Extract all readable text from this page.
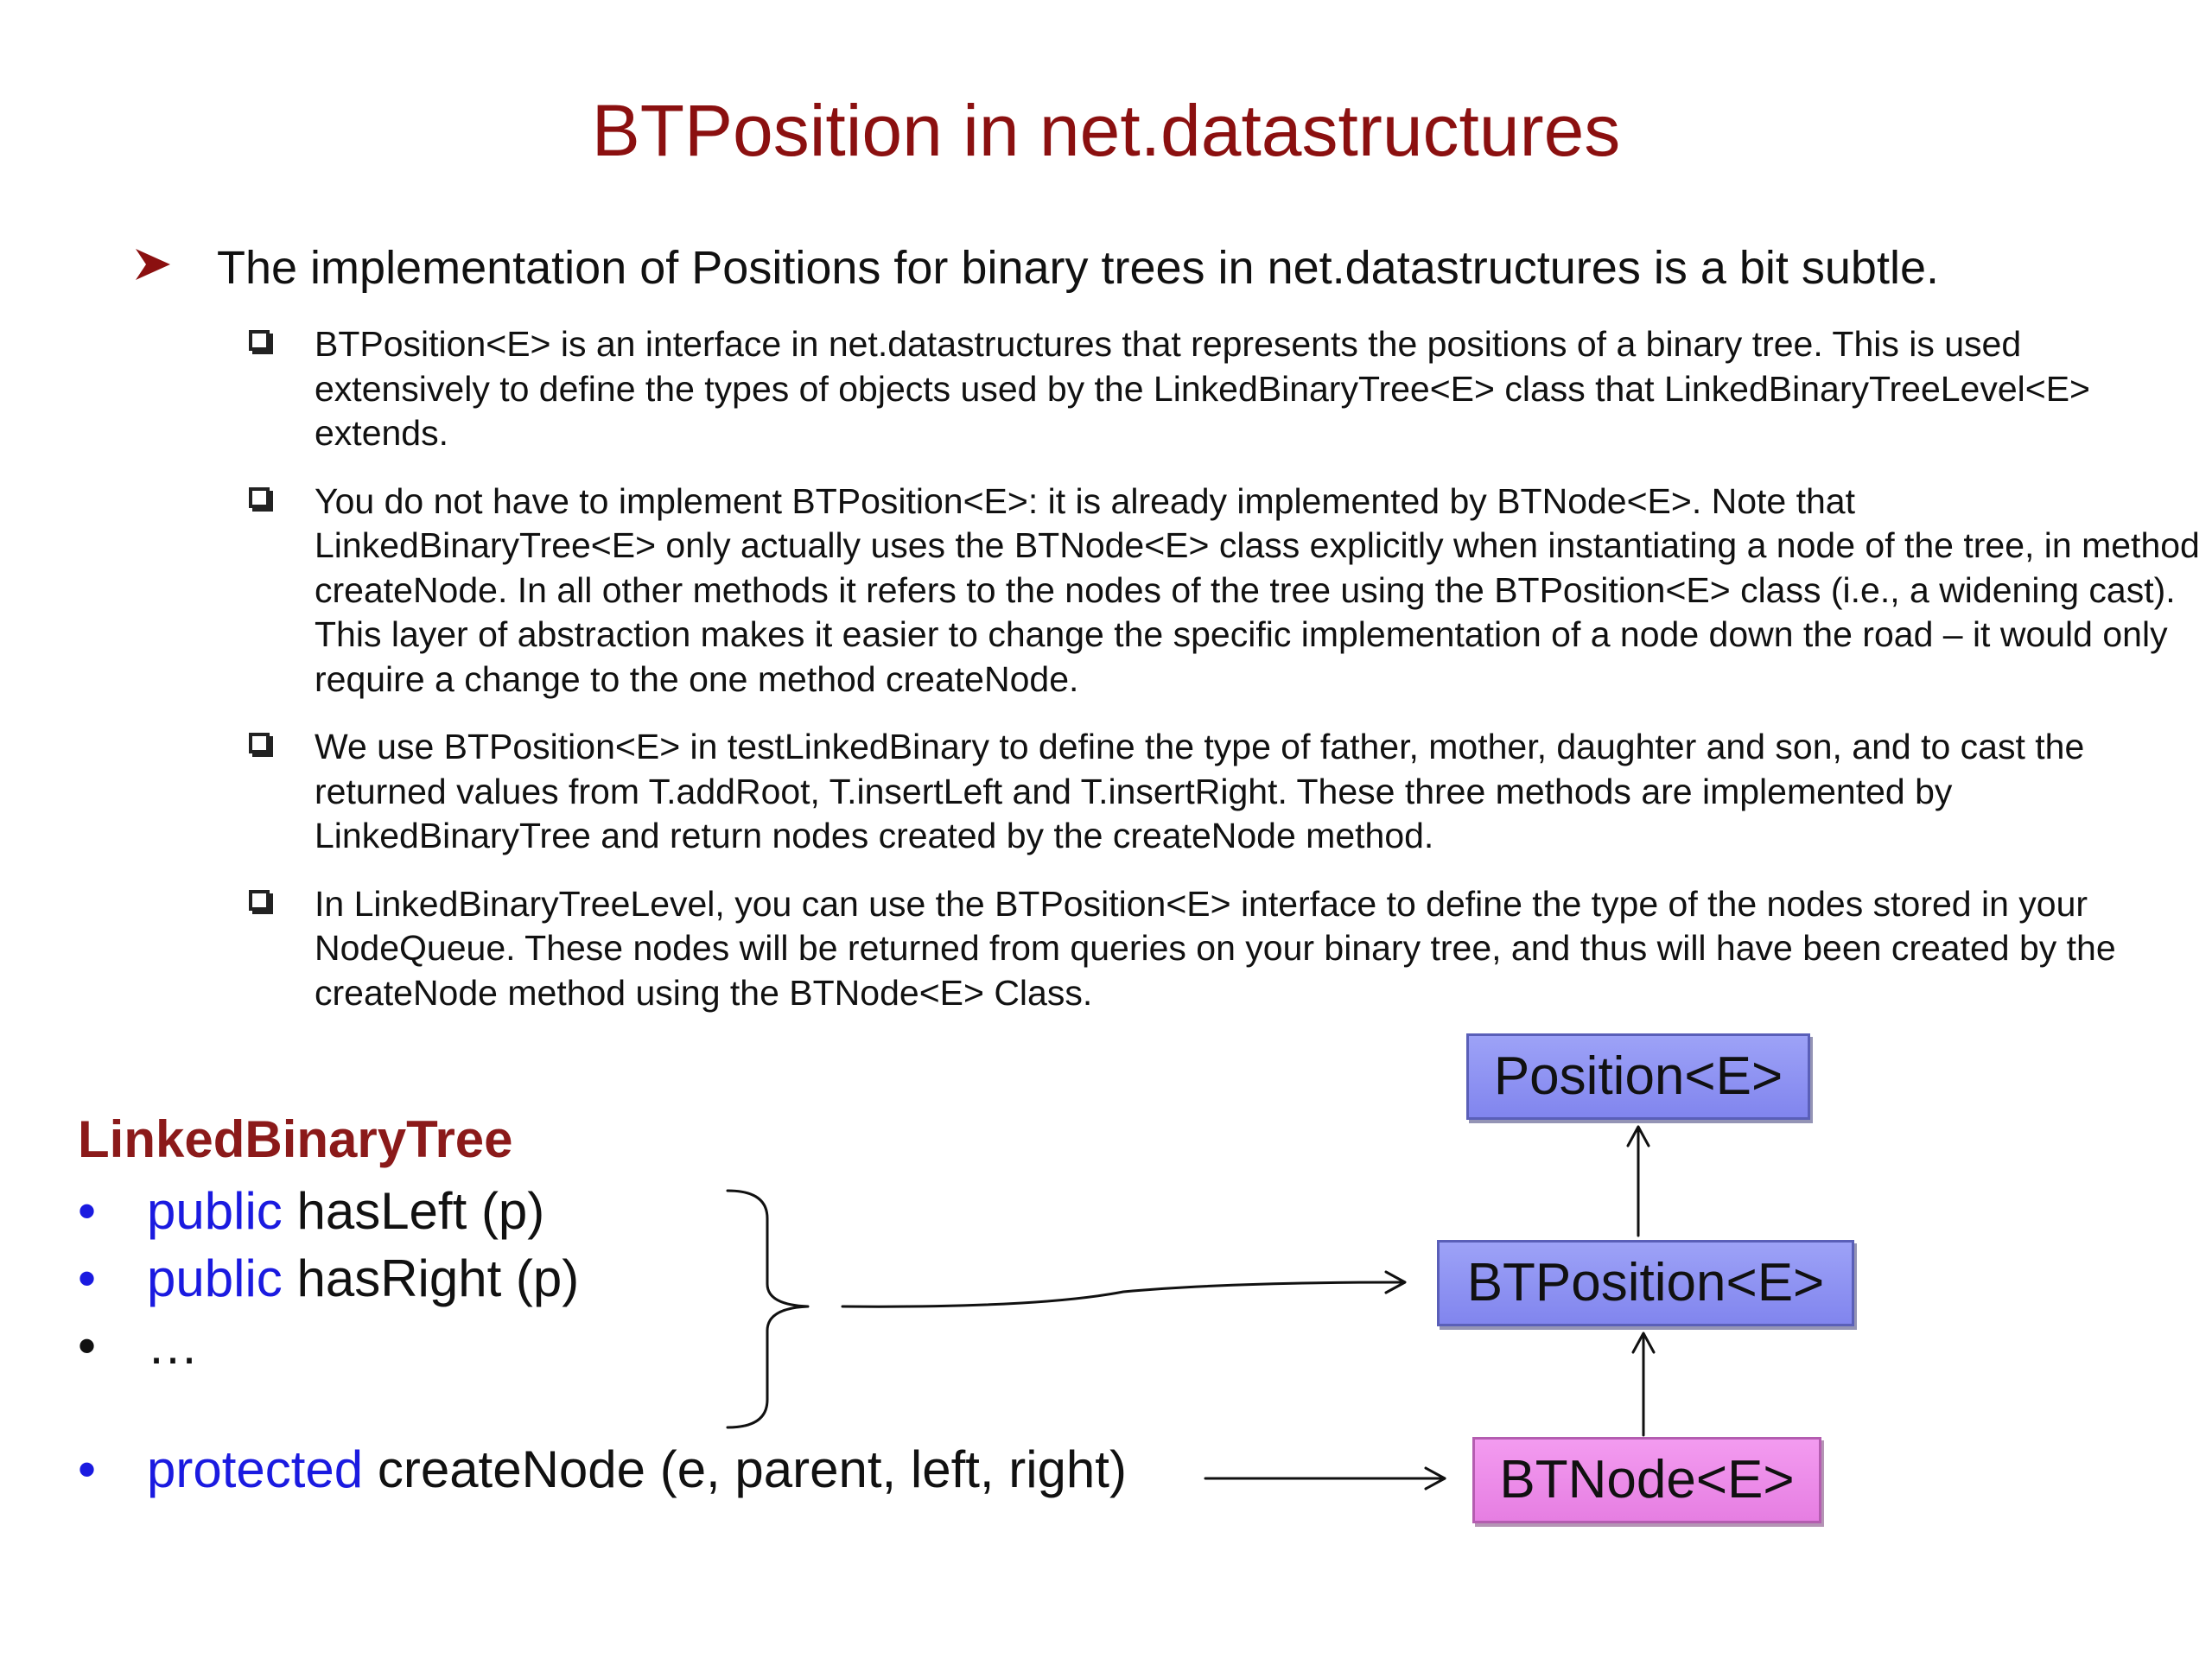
BTPosition in net.datastructures
The implementation of Positions for binary trees in net.datastructures is a bit subtle.
BTPosition<E> is an interface in net.datastructures that represents the positions of a binary tree. This is used extensively to define the types of objects used by the LinkedBinaryTree<E> class that LinkedBinaryTreeLevel<E> extends.
You do not have to implement BTPosition<E>: it is already implemented by BTNode<E>. Note that LinkedBinaryTree<E> only actually uses the BTNode<E> class explicitly when instantiating a node of the tree, in method createNode. In all other methods it refers to the nodes of the tree using the BTPosition<E> class (i.e., a widening cast). This layer of abstraction makes it easier to change the specific implementation of a node down the road – it would only require a change to the one method createNode.
We use BTPosition<E> in testLinkedBinary to define the type of father, mother, daughter and son, and to cast the returned values from T.addRoot, T.insertLeft and T.insertRight. These three methods are implemented by LinkedBinaryTree and return nodes created by the createNode method.
In LinkedBinaryTreeLevel, you can use the BTPosition<E> interface to define the type of the nodes stored in your NodeQueue. These nodes will be returned from queries on your binary tree, and thus will have been created by the createNode method using the BTNode<E> Class.
LinkedBinaryTree
• public hasLeft (p)
• public hasRight (p)
• …
• protected createNode (e, parent, left, right)
Position<E>
BTPosition<E>
BTNode<E>
